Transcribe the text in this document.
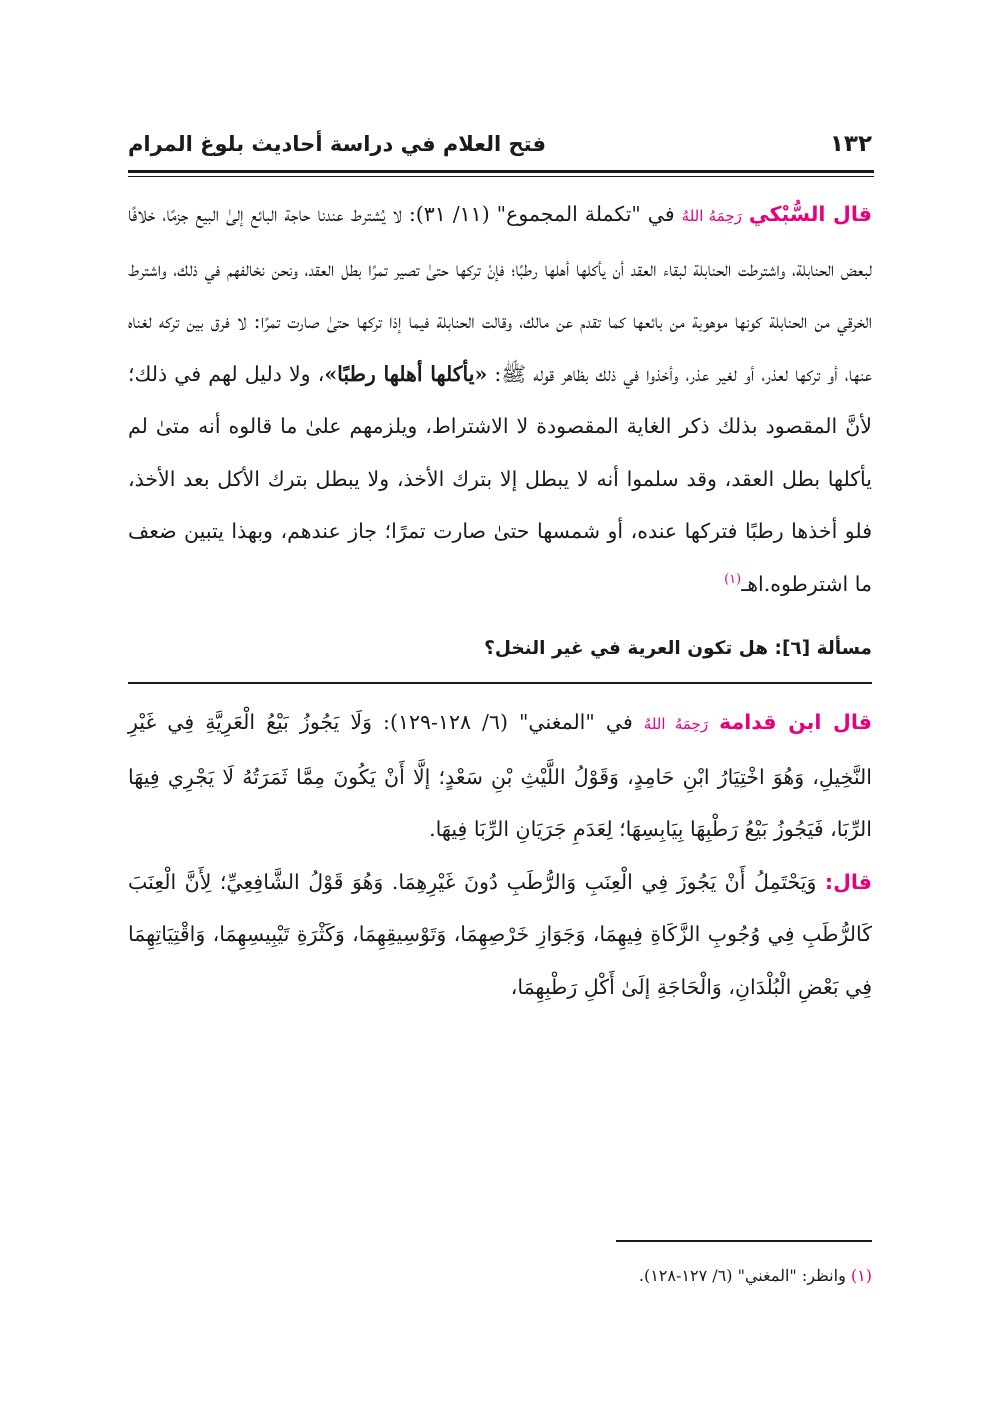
١٣٢
فتح العلام في دراسة أحاديث بلوغ المرام

قال السُّبْكي رَحِمَهُ اللهُ في "تكملة المجموع" (١١/ ٣١): لا يُشترط عندنا حاجة البائع إلىٰ البيع جزمًا، خلافًا لبعض الحنابلة، واشترطت الحنابلة لبقاء العقد أن يأكلها أهلها رطبًا؛ فإنْ تركها حتىٰ تصير تمرًا بطل العقد، ونحن نخالفهم في ذلك، واشترط الخرقي من الحنابلة كونها موهوبة من بائعها كما تقدم عن مالك، وقالت الحنابلة فيما إذا تركها حتىٰ صارت تمرًا: لا فرق بين تركه لغناه عنها، أو تركها لعذر، أو لغير عذر، وأخذوا في ذلك بظاهر قوله ﷺ: «يأكلها أهلها رطبًا»، ولا دليل لهم في ذلك؛ لأنَّ المقصود بذلك ذكر الغاية المقصودة لا الاشتراط، ويلزمهم علىٰ ما قالوه أنه متىٰ لم يأكلها بطل العقد، وقد سلموا أنه لا يبطل إلا بترك الأخذ، ولا يبطل بترك الأكل بعد الأخذ، فلو أخذها رطبًا فتركها عنده، أو شمسها حتىٰ صارت تمرًا؛ جاز عندهم، وبهذا يتبين ضعف ما اشترطوه.اهـ$^{(١)}$

مسألة [٦]: هل تكون العرية في غير النخل؟

قال ابن قدامة رَحِمَهُ اللهُ في "المغني" (٦/ ١٢٨-١٢٩): وَلَا يَجُوزُ بَيْعُ الْعَرِيَّةِ فِي غَيْرِ النَّخِيلِ، وَهُوَ اخْتِيَارُ ابْنِ حَامِدٍ، وَقَوْلُ اللَّيْثِ بْنِ سَعْدٍ؛ إلَّا أَنْ يَكُونَ مِمَّا ثَمَرَتُهُ لَا يَجْرِي فِيهَا الرِّبَا، فَيَجُوزُ بَيْعُ رَطْبِهَا بِيَابِسِهَا؛ لِعَدَمِ جَرَيَانِ الرِّبَا فِيهَا.

قال: وَيَحْتَمِلُ أَنْ يَجُوزَ فِي الْعِنَبِ وَالرُّطَبِ دُونَ غَيْرِهِمَا. وَهُوَ قَوْلُ الشَّافِعِيِّ؛ لِأَنَّ الْعِنَبَ كَالرُّطَبِ فِي وُجُوبِ الزَّكَاةِ فِيهِمَا، وَجَوَازِ خَرْصِهِمَا، وَتَوْسِيقِهِمَا، وَكَثْرَةِ تَيْبِيسِهِمَا، وَاقْتِيَاتِهِمَا فِي بَعْضِ الْبُلْدَانِ، وَالْحَاجَةِ إلَىٰ أَكْلِ رَطْبِهِمَا،

(١) وانظر: "المغني" (٦/ ١٢٧-١٢٨).
